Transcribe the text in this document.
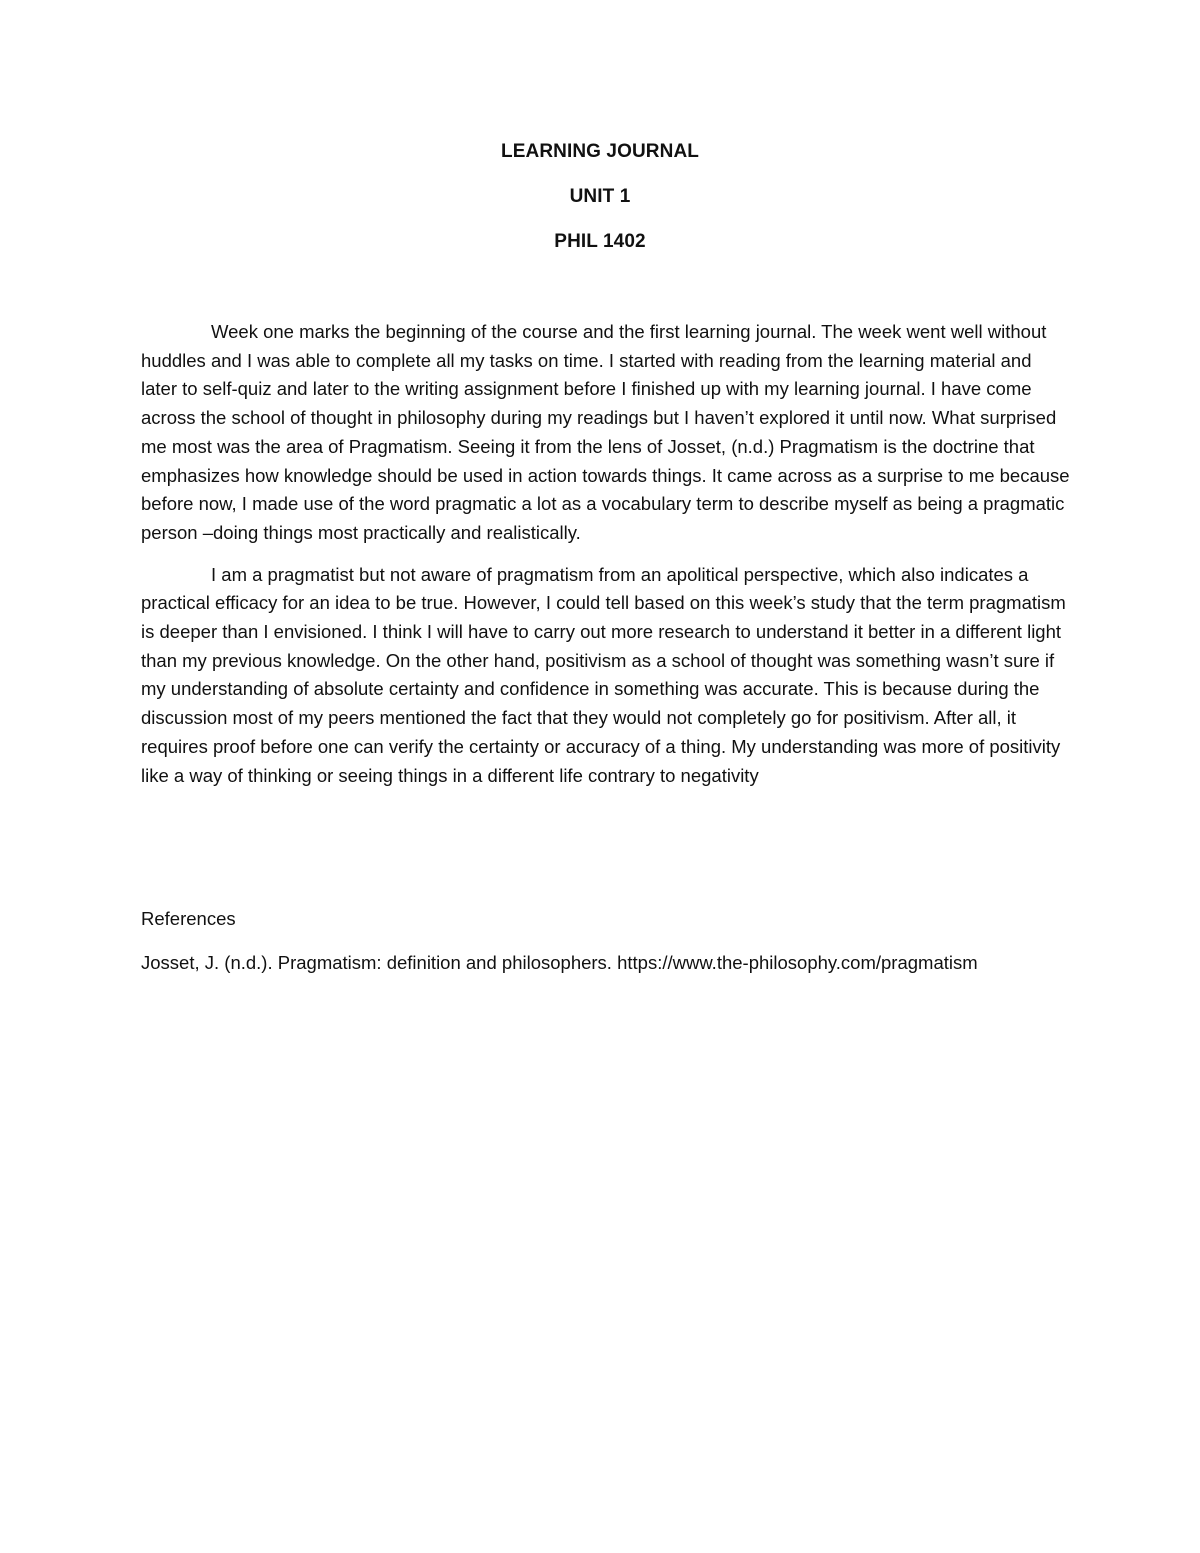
LEARNING JOURNAL
UNIT 1
PHIL 1402

Week one marks the beginning of the course and the first learning journal. The week went well without huddles and I was able to complete all my tasks on time. I started with reading from the learning material and later to self-quiz and later to the writing assignment before I finished up with my learning journal. I have come across the school of thought in philosophy during my readings but I haven’t explored it until now. What surprised me most was the area of Pragmatism. Seeing it from the lens of Josset, (n.d.) Pragmatism is the doctrine that emphasizes how knowledge should be used in action towards things. It came across as a surprise to me because before now, I made use of the word pragmatic a lot as a vocabulary term to describe myself as being a pragmatic person –doing things most practically and realistically.

I am a pragmatist but not aware of pragmatism from an apolitical perspective, which also indicates a practical efficacy for an idea to be true. However, I could tell based on this week’s study that the term pragmatism is deeper than I envisioned. I think I will have to carry out more research to understand it better in a different light than my previous knowledge. On the other hand, positivism as a school of thought was something wasn’t sure if my understanding of absolute certainty and confidence in something was accurate. This is because during the discussion most of my peers mentioned the fact that they would not completely go for positivism. After all, it requires proof before one can verify the certainty or accuracy of a thing. My understanding was more of positivity like a way of thinking or seeing things in a different life contrary to negativity

References

Josset, J. (n.d.). Pragmatism: definition and philosophers. https://www.the-philosophy.com/pragmatism
